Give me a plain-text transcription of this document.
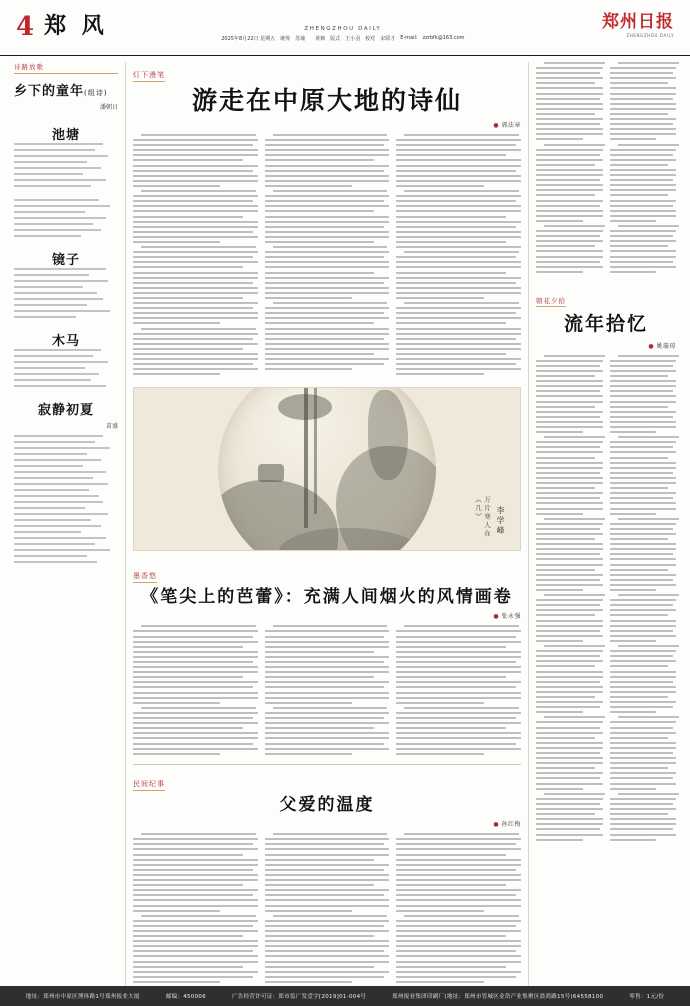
4 郑 风	ZHENGZHOU DAILY
2025年8月22日 星期五 统筹 苏瑜 黄枫 版式 王小羽 校对 宋联才 E-mail: zzrbfk@163.com
郑州日报
ZHENGZHOU DAILY
诗路放歌
乡下的童年(组诗)
潘朝日
池塘
镜子
木马
寂静初夏
苗盛
灯下漫笔
游走在中原大地的诗仙
● 郭法章
万片寒人在《几》	李学峰
墨香悠
《笔尖上的芭蕾》：充满人间烟火的风情画卷
● 张永强
民间纪事
父爱的温度
● 孙红梅
朝花夕拾
流年拾忆
● 姚璇琼
地址：郑州市中原区博体路1号郑州报业大厦	邮编：450006	广告经营许可证：郑市监广发壹字[2019]01-004号	郑州报业集团印刷厂(地址：郑州市管城区金岱产业集聚区晨尚路15号)64558100	零售：1元/份
